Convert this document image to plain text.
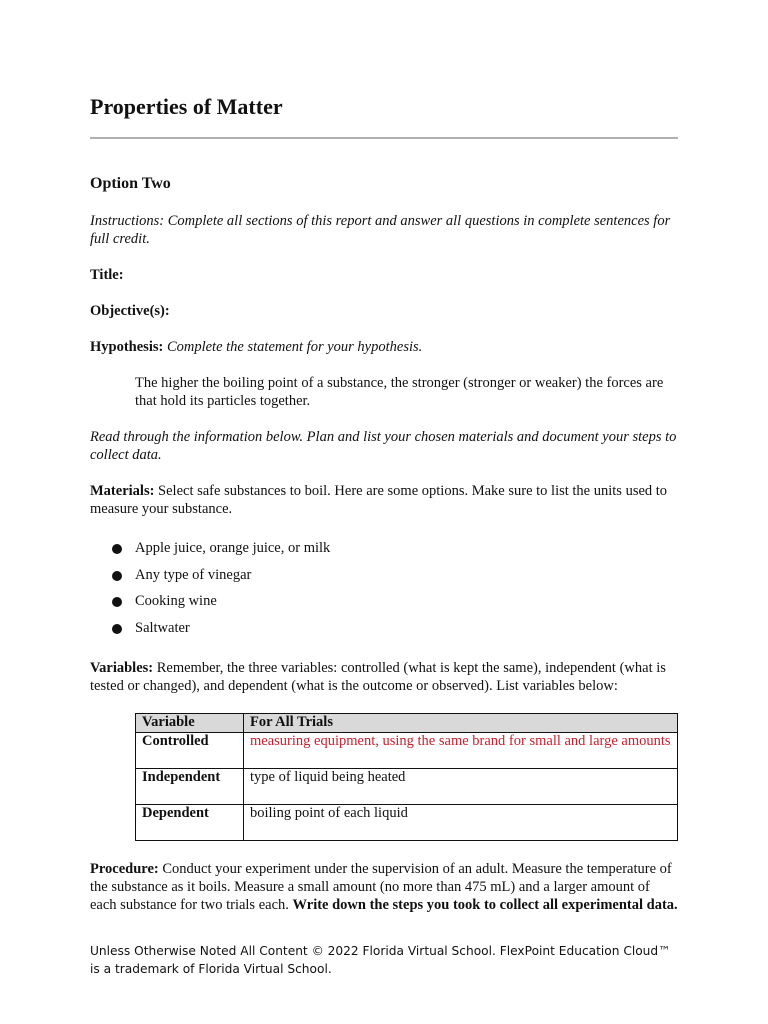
Properties of Matter
Option Two

Instructions: Complete all sections of this report and answer all questions in complete sentences for full credit.

Title:

Objective(s):

Hypothesis: Complete the statement for your hypothesis.

The higher the boiling point of a substance, the stronger (stronger or weaker) the forces are that hold its particles together.

Read through the information below. Plan and list your chosen materials and document your steps to collect data.

Materials: Select safe substances to boil. Here are some options. Make sure to list the units used to measure your substance.

Apple juice, orange juice, or milk
Any type of vinegar
Cooking wine
Saltwater

Variables: Remember, the three variables: controlled (what is kept the same), independent (what is tested or changed), and dependent (what is the outcome or observed). List variables below:

Variable	For All Trials
Controlled	measuring equipment, using the same brand for small and large amounts
Independent	type of liquid being heated
Dependent	boiling point of each liquid

Procedure: Conduct your experiment under the supervision of an adult. Measure the temperature of the substance as it boils. Measure a small amount (no more than 475 mL) and a larger amount of each substance for two trials each. Write down the steps you took to collect all experimental data.

Unless Otherwise Noted All Content © 2022 Florida Virtual School. FlexPoint Education Cloud™ is a trademark of Florida Virtual School.
